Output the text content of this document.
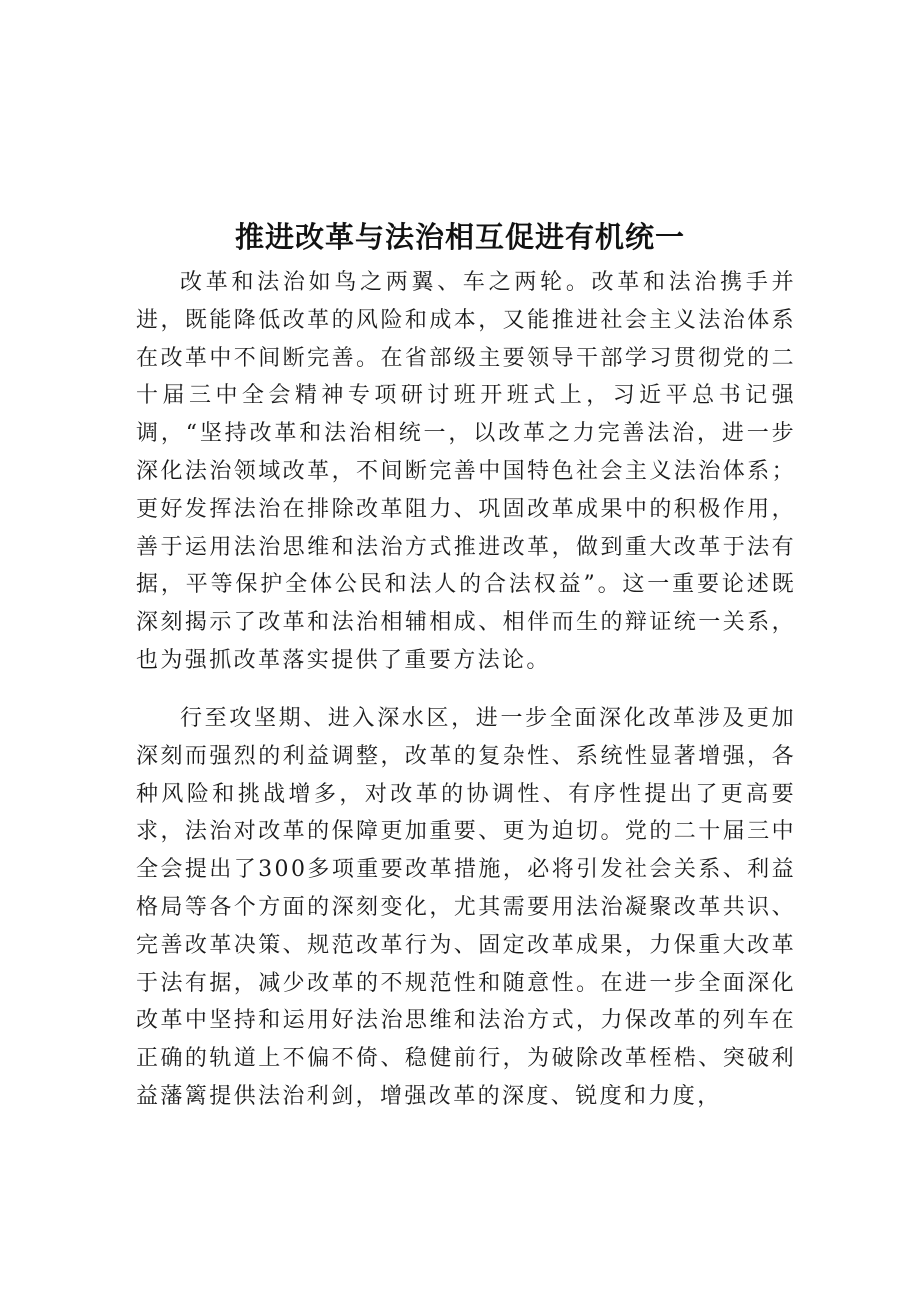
推进改革与法治相互促进有机统一

改革和法治如鸟之两翼、车之两轮。改革和法治携手并进，既能降低改革的风险和成本，又能推进社会主义法治体系在改革中不间断完善。在省部级主要领导干部学习贯彻党的二十届三中全会精神专项研讨班开班式上，习近平总书记强调，“坚持改革和法治相统一，以改革之力完善法治，进一步深化法治领域改革，不间断完善中国特色社会主义法治体系；更好发挥法治在排除改革阻力、巩固改革成果中的积极作用，善于运用法治思维和法治方式推进改革，做到重大改革于法有据，平等保护全体公民和法人的合法权益”。这一重要论述既深刻揭示了改革和法治相辅相成、相伴而生的辩证统一关系，也为强抓改革落实提供了重要方法论。

行至攻坚期、进入深水区，进一步全面深化改革涉及更加深刻而强烈的利益调整，改革的复杂性、系统性显著增强，各种风险和挑战增多，对改革的协调性、有序性提出了更高要求，法治对改革的保障更加重要、更为迫切。党的二十届三中全会提出了300多项重要改革措施，必将引发社会关系、利益格局等各个方面的深刻变化，尤其需要用法治凝聚改革共识、完善改革决策、规范改革行为、固定改革成果，力保重大改革于法有据，减少改革的不规范性和随意性。在进一步全面深化改革中坚持和运用好法治思维和法治方式，力保改革的列车在正确的轨道上不偏不倚、稳健前行，为破除改革桎梏、突破利益藩篱提供法治利剑，增强改革的深度、锐度和力度，
